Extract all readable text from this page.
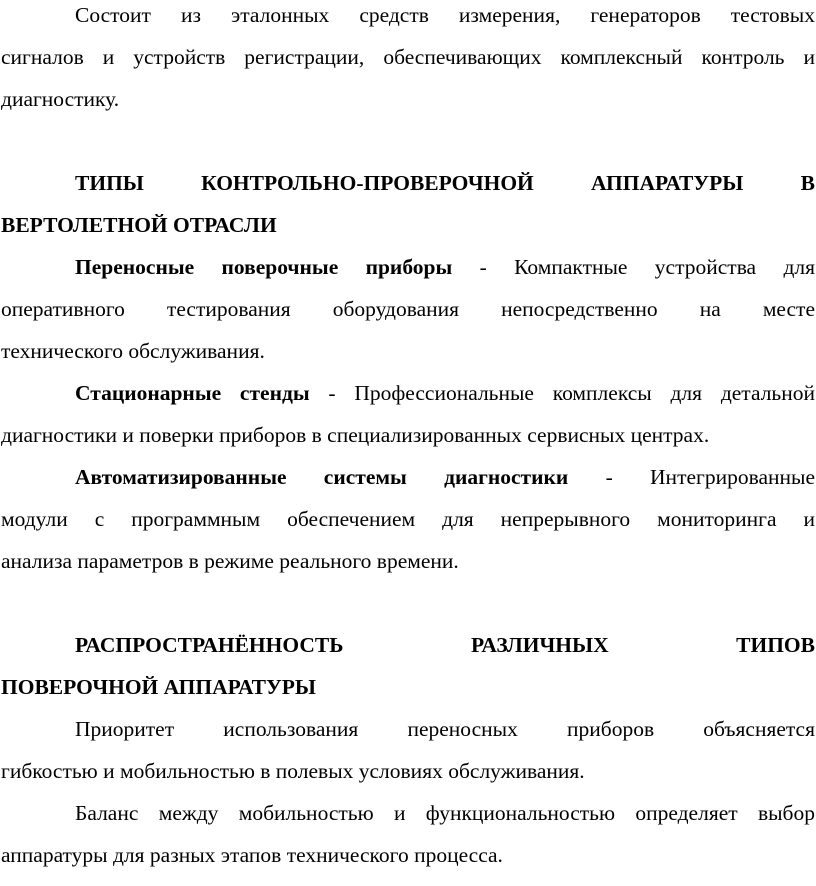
Состоит из эталонных средств измерения, генераторов тестовых
сигналов и устройств регистрации, обеспечивающих комплексный контроль и
диагностику.
ТИПЫ КОНТРОЛЬНО-ПРОВЕРОЧНОЙ АППАРАТУРЫ В
ВЕРТОЛЕТНОЙ ОТРАСЛИ
Переносные поверочные приборы - Компактные устройства для
оперативного тестирования оборудования непосредственно на месте
технического обслуживания.
Стационарные стенды - Профессиональные комплексы для детальной
диагностики и поверки приборов в специализированных сервисных центрах.
Автоматизированные системы диагностики - Интегрированные
модули с программным обеспечением для непрерывного мониторинга и
анализа параметров в режиме реального времени.
РАСПРОСТРАНЁННОСТЬ РАЗЛИЧНЫХ ТИПОВ
ПОВЕРОЧНОЙ АППАРАТУРЫ
Приоритет использования переносных приборов объясняется
гибкостью и мобильностью в полевых условиях обслуживания.
Баланс между мобильностью и функциональностью определяет выбор
аппаратуры для разных этапов технического процесса.
